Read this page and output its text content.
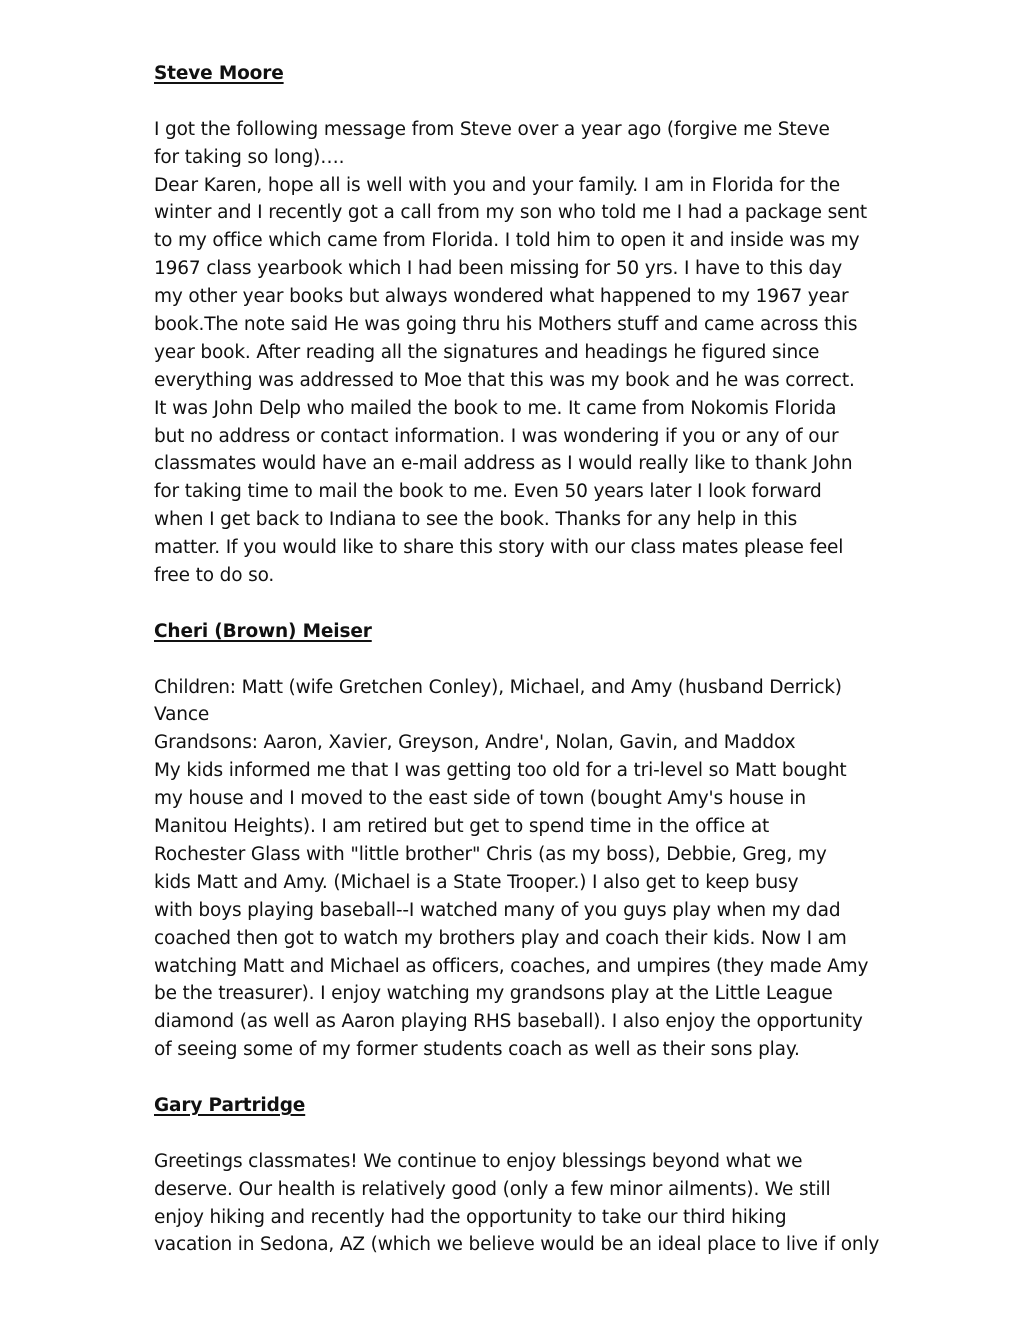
Steve Moore
I got the following message from Steve over a year ago (forgive me Steve
for taking so long)….
Dear Karen, hope all is well with you and your family. I am in Florida for the
winter and I recently got a call from my son who told me I had a package sent
to my office which came from Florida. I told him to open it and inside was my
1967 class yearbook which I had been missing for 50 yrs. I have to this day
my other year books but always wondered what happened to my 1967 year
book.The note said He was going thru his Mothers stuff and came across this
year book. After reading all the signatures and headings he figured since
everything was addressed to Moe that this was my book and he was correct.
It was John Delp who mailed the book to me. It came from Nokomis Florida
but no address or contact information. I was wondering if you or any of our
classmates would have an e-mail address as I would really like to thank John
for taking time to mail the book to me. Even 50 years later I look forward
when I get back to Indiana to see the book. Thanks for any help in this
matter. If you would like to share this story with our class mates please feel
free to do so.
Cheri (Brown) Meiser
Children: Matt (wife Gretchen Conley), Michael, and Amy (husband Derrick)
Vance
Grandsons: Aaron, Xavier, Greyson, Andre', Nolan, Gavin, and Maddox
My kids informed me that I was getting too old for a tri-level so Matt bought
my house and I moved to the east side of town (bought Amy's house in
Manitou Heights). I am retired but get to spend time in the office at
Rochester Glass with "little brother" Chris (as my boss), Debbie, Greg, my
kids Matt and Amy. (Michael is a State Trooper.) I also get to keep busy
with boys playing baseball--I watched many of you guys play when my dad
coached then got to watch my brothers play and coach their kids. Now I am
watching Matt and Michael as officers, coaches, and umpires (they made Amy
be the treasurer). I enjoy watching my grandsons play at the Little League
diamond (as well as Aaron playing RHS baseball). I also enjoy the opportunity
of seeing some of my former students coach as well as their sons play.
Gary Partridge
Greetings classmates! We continue to enjoy blessings beyond what we
deserve. Our health is relatively good (only a few minor ailments). We still
enjoy hiking and recently had the opportunity to take our third hiking
vacation in Sedona, AZ (which we believe would be an ideal place to live if only
